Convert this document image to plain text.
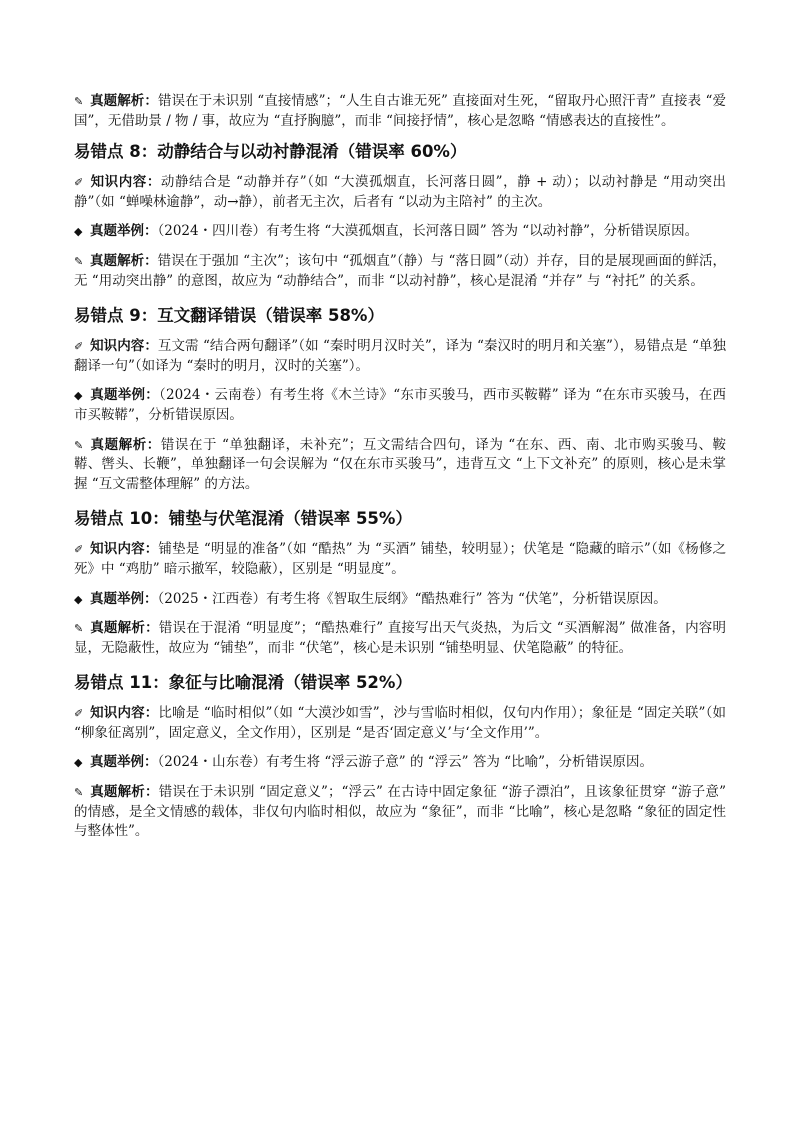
✎ 真题解析：错误在于未识别 “直接情感”；“人生自古谁无死” 直接面对生死，“留取丹心照汗青” 直接表 “爱国”，无借助景 / 物 / 事，故应为 “直抒胸臆”，而非 “间接抒情”，核心是忽略 “情感表达的直接性”。

易错点 8：动静结合与以动衬静混淆（错误率 60%）

✐ 知识内容：动静结合是 “动静并存”（如 “大漠孤烟直，长河落日圆”，静 + 动）；以动衬静是 “用动突出静”（如 “蝉噪林逾静”，动→静），前者无主次，后者有 “以动为主陪衬” 的主次。

◆ 真题举例：（2024・四川卷）有考生将 “大漠孤烟直，长河落日圆” 答为 “以动衬静”，分析错误原因。

✎ 真题解析：错误在于强加 “主次”；该句中 “孤烟直”（静）与 “落日圆”（动）并存，目的是展现画面的鲜活，无 “用动突出静” 的意图，故应为 “动静结合”，而非 “以动衬静”，核心是混淆 “并存” 与 “衬托” 的关系。

易错点 9：互文翻译错误（错误率 58%）

✐ 知识内容：互文需 “结合两句翻译”（如 “秦时明月汉时关”，译为 “秦汉时的明月和关塞”），易错点是 “单独翻译一句”（如译为 “秦时的明月，汉时的关塞”）。

◆ 真题举例：（2024・云南卷）有考生将《木兰诗》“东市买骏马，西市买鞍鞯” 译为 “在东市买骏马，在西市买鞍鞯”，分析错误原因。

✎ 真题解析：错误在于 “单独翻译，未补充”；互文需结合四句，译为 “在东、西、南、北市购买骏马、鞍鞯、辔头、长鞭”，单独翻译一句会误解为 “仅在东市买骏马”，违背互文 “上下文补充” 的原则，核心是未掌握 “互文需整体理解” 的方法。

易错点 10：铺垫与伏笔混淆（错误率 55%）

✐ 知识内容：铺垫是 “明显的准备”（如 “酷热” 为 “买酒” 铺垫，较明显）；伏笔是 “隐藏的暗示”（如《杨修之死》中 “鸡肋” 暗示撤军，较隐蔽），区别是 “明显度”。

◆ 真题举例：（2025・江西卷）有考生将《智取生辰纲》“酷热难行” 答为 “伏笔”，分析错误原因。

✎ 真题解析：错误在于混淆 “明显度”；“酷热难行” 直接写出天气炎热，为后文 “买酒解渴” 做准备，内容明显，无隐蔽性，故应为 “铺垫”，而非 “伏笔”，核心是未识别 “铺垫明显、伏笔隐蔽” 的特征。

易错点 11：象征与比喻混淆（错误率 52%）

✐ 知识内容：比喻是 “临时相似”（如 “大漠沙如雪”，沙与雪临时相似，仅句内作用）；象征是 “固定关联”（如 “柳象征离别”，固定意义，全文作用），区别是 “是否‘固定意义’与‘全文作用’”。

◆ 真题举例：（2024・山东卷）有考生将 “浮云游子意” 的 “浮云” 答为 “比喻”，分析错误原因。

✎ 真题解析：错误在于未识别 “固定意义”；“浮云” 在古诗中固定象征 “游子漂泊”，且该象征贯穿 “游子意” 的情感，是全文情感的载体，非仅句内临时相似，故应为 “象征”，而非 “比喻”，核心是忽略 “象征的固定性与整体性”。
